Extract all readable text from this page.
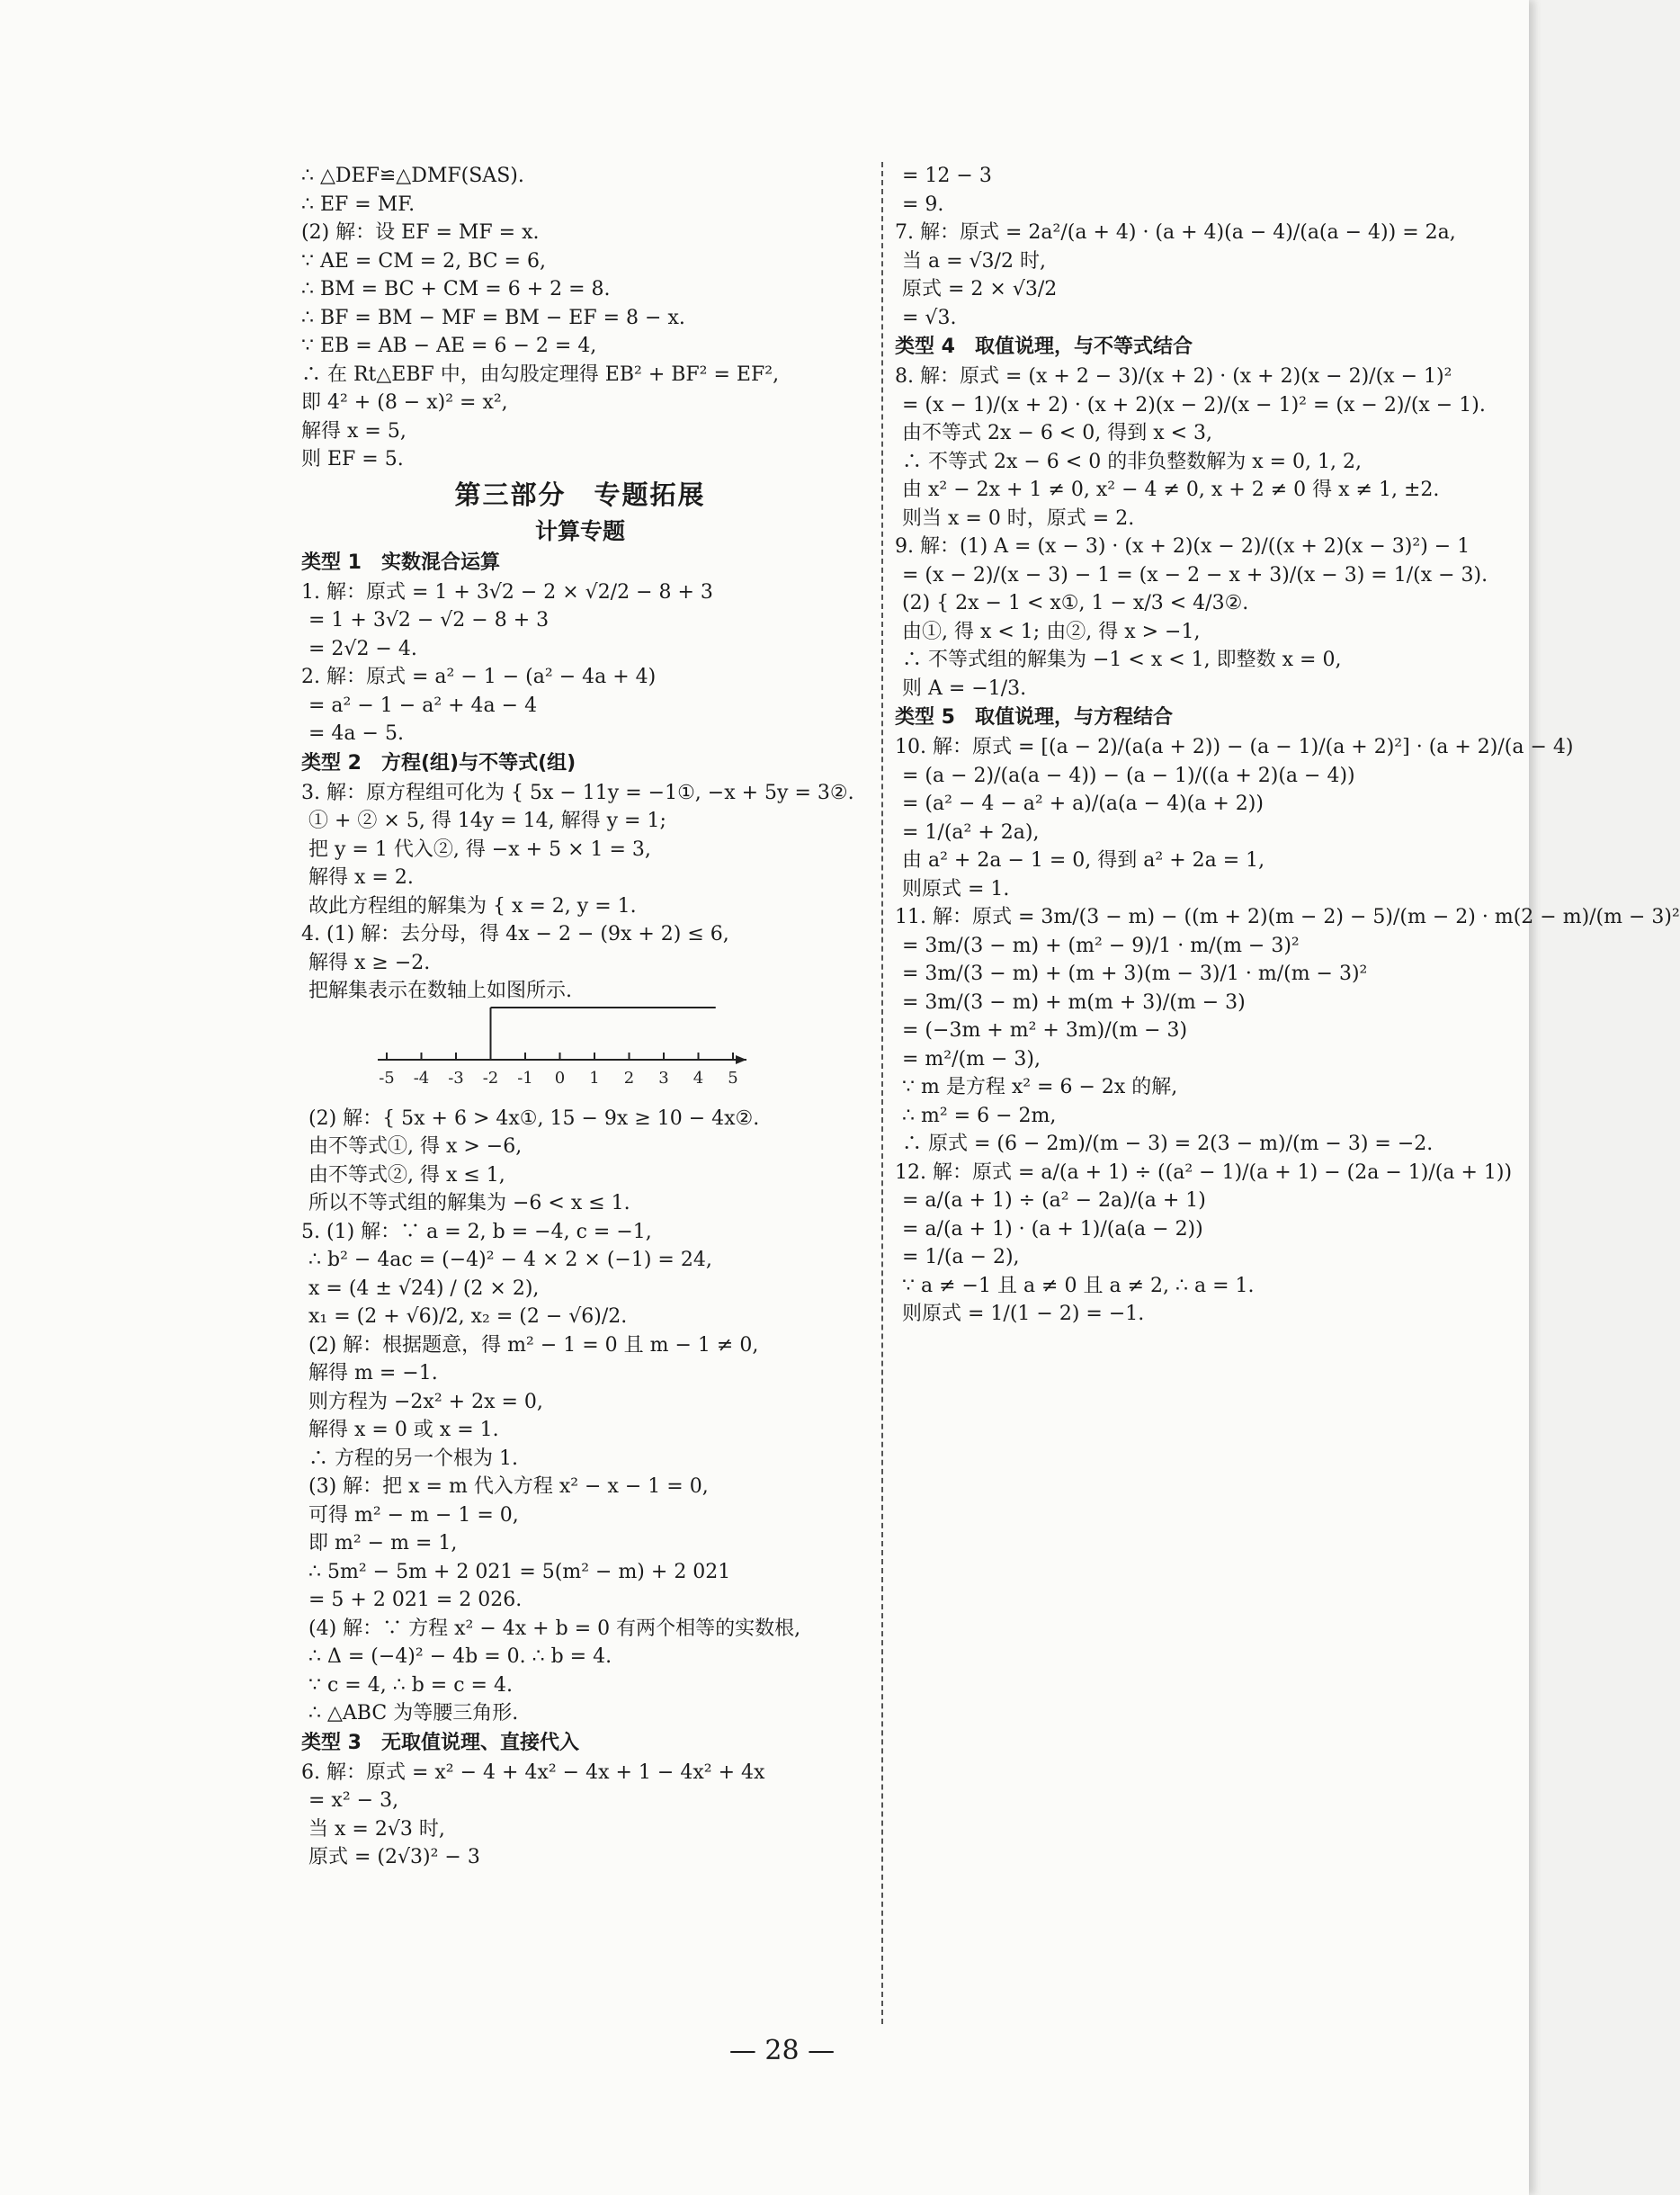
∴ △DEF≌△DMF(SAS).
∴ EF = MF.
(2) 解：设 EF = MF = x.
∵ AE = CM = 2, BC = 6,
∴ BM = BC + CM = 6 + 2 = 8.
∴ BF = BM − MF = BM − EF = 8 − x.
∵ EB = AB − AE = 6 − 2 = 4,
∴ 在 Rt△EBF 中，由勾股定理得 EB² + BF² = EF²,
即 4² + (8 − x)² = x²,
解得 x = 5,
则 EF = 5.
第三部分　专题拓展
计算专题
类型 1　实数混合运算
1. 解：原式 = 1 + 3√2 − 2 × √2/2 − 8 + 3
= 1 + 3√2 − √2 − 8 + 3
= 2√2 − 4.
2. 解：原式 = a² − 1 − (a² − 4a + 4)
= a² − 1 − a² + 4a − 4
= 4a − 5.
类型 2　方程(组)与不等式(组)
3. 解：原方程组可化为 { 5x − 11y = −1①, −x + 5y = 3②.
① + ② × 5, 得 14y = 14, 解得 y = 1;
把 y = 1 代入②, 得 −x + 5 × 1 = 3,
解得 x = 2.
故此方程组的解集为 { x = 2, y = 1.
4. (1) 解：去分母，得 4x − 2 − (9x + 2) ≤ 6,
解得 x ≥ −2.
把解集表示在数轴上如图所示.
-5 -4 -3 -2 -1 0 1 2 3 4 5
(2) 解：{ 5x + 6 > 4x①, 15 − 9x ≥ 10 − 4x②.
由不等式①, 得 x > −6,
由不等式②, 得 x ≤ 1,
所以不等式组的解集为 −6 < x ≤ 1.
5. (1) 解：∵ a = 2, b = −4, c = −1,
∴ b² − 4ac = (−4)² − 4 × 2 × (−1) = 24,
x = (4 ± √24) / (2 × 2),
x₁ = (2 + √6)/2, x₂ = (2 − √6)/2.
(2) 解：根据题意，得 m² − 1 = 0 且 m − 1 ≠ 0,
解得 m = −1.
则方程为 −2x² + 2x = 0,
解得 x = 0 或 x = 1.
∴ 方程的另一个根为 1.
(3) 解：把 x = m 代入方程 x² − x − 1 = 0,
可得 m² − m − 1 = 0,
即 m² − m = 1,
∴ 5m² − 5m + 2 021 = 5(m² − m) + 2 021
= 5 + 2 021 = 2 026.
(4) 解：∵ 方程 x² − 4x + b = 0 有两个相等的实数根,
∴ Δ = (−4)² − 4b = 0. ∴ b = 4.
∵ c = 4, ∴ b = c = 4.
∴ △ABC 为等腰三角形.
类型 3　无取值说理、直接代入
6. 解：原式 = x² − 4 + 4x² − 4x + 1 − 4x² + 4x
= x² − 3,
当 x = 2√3 时,
原式 = (2√3)² − 3
= 12 − 3
= 9.
7. 解：原式 = 2a²/(a + 4) · (a + 4)(a − 4)/(a(a − 4)) = 2a,
当 a = √3/2 时,
原式 = 2 × √3/2
= √3.
类型 4　取值说理，与不等式结合
8. 解：原式 = (x + 2 − 3)/(x + 2) · (x + 2)(x − 2)/(x − 1)²
= (x − 1)/(x + 2) · (x + 2)(x − 2)/(x − 1)² = (x − 2)/(x − 1).
由不等式 2x − 6 < 0, 得到 x < 3,
∴ 不等式 2x − 6 < 0 的非负整数解为 x = 0, 1, 2,
由 x² − 2x + 1 ≠ 0, x² − 4 ≠ 0, x + 2 ≠ 0 得 x ≠ 1, ±2.
则当 x = 0 时，原式 = 2.
9. 解：(1) A = (x − 3) · (x + 2)(x − 2)/((x + 2)(x − 3)²) − 1
= (x − 2)/(x − 3) − 1 = (x − 2 − x + 3)/(x − 3) = 1/(x − 3).
(2) { 2x − 1 < x①, 1 − x/3 < 4/3②.
由①, 得 x < 1; 由②, 得 x > −1,
∴ 不等式组的解集为 −1 < x < 1, 即整数 x = 0,
则 A = −1/3.
类型 5　取值说理，与方程结合
10. 解：原式 = [(a − 2)/(a(a + 2)) − (a − 1)/(a + 2)²] · (a + 2)/(a − 4)
= (a − 2)/(a(a − 4)) − (a − 1)/((a + 2)(a − 4))
= (a² − 4 − a² + a)/(a(a − 4)(a + 2))
= 1/(a² + 2a),
由 a² + 2a − 1 = 0, 得到 a² + 2a = 1,
则原式 = 1.
11. 解：原式 = 3m/(3 − m) − ((m + 2)(m − 2) − 5)/(m − 2) · m(2 − m)/(m − 3)²
= 3m/(3 − m) + (m² − 9)/1 · m/(m − 3)²
= 3m/(3 − m) + (m + 3)(m − 3)/1 · m/(m − 3)²
= 3m/(3 − m) + m(m + 3)/(m − 3)
= (−3m + m² + 3m)/(m − 3)
= m²/(m − 3),
∵ m 是方程 x² = 6 − 2x 的解,
∴ m² = 6 − 2m,
∴ 原式 = (6 − 2m)/(m − 3) = 2(3 − m)/(m − 3) = −2.
12. 解：原式 = a/(a + 1) ÷ ((a² − 1)/(a + 1) − (2a − 1)/(a + 1))
= a/(a + 1) ÷ (a² − 2a)/(a + 1)
= a/(a + 1) · (a + 1)/(a(a − 2))
= 1/(a − 2),
∵ a ≠ −1 且 a ≠ 0 且 a ≠ 2, ∴ a = 1.
则原式 = 1/(1 − 2) = −1.
— 28 —
